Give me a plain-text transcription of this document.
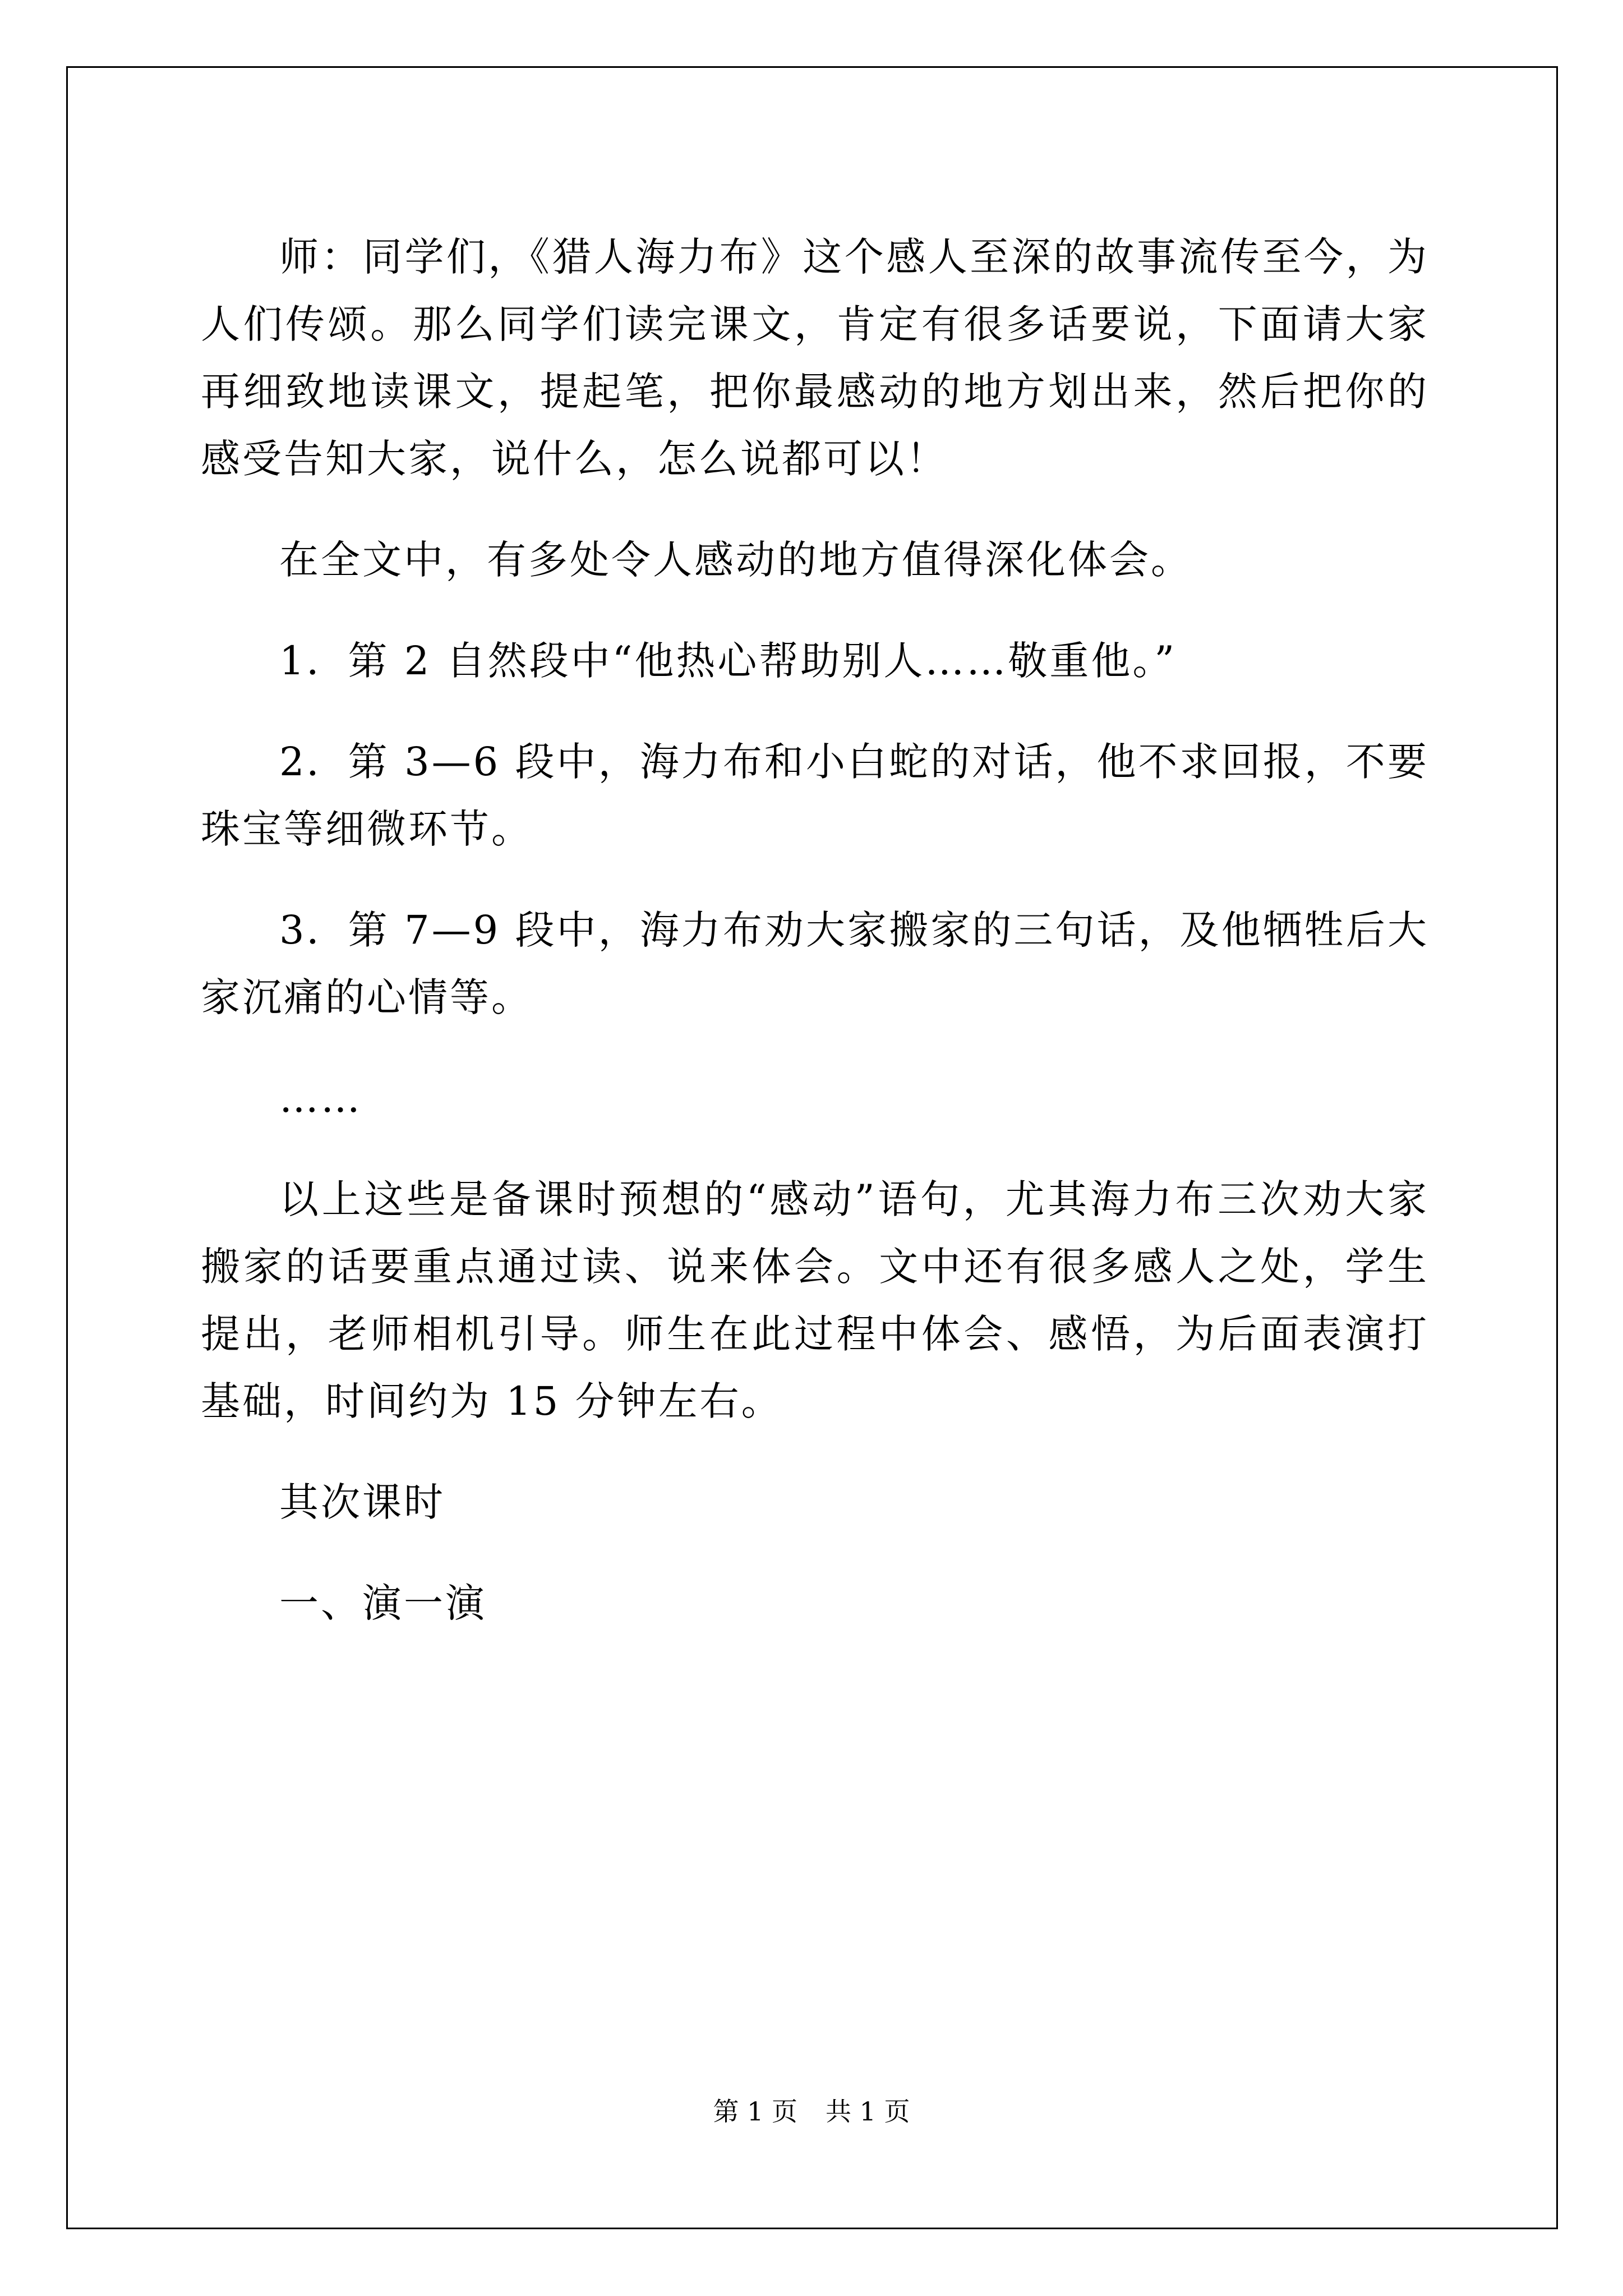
师：同学们，《猎人海力布》这个感人至深的故事流传至今，为人们传颂。那么同学们读完课文，肯定有很多话要说，下面请大家再细致地读课文，提起笔，把你最感动的地方划出来，然后把你的感受告知大家，说什么，怎么说都可以！

在全文中，有多处令人感动的地方值得深化体会。

1．第 2 自然段中“他热心帮助别人……敬重他。”

2．第 3—6 段中，海力布和小白蛇的对话，他不求回报，不要珠宝等细微环节。

3．第 7—9 段中，海力布劝大家搬家的三句话，及他牺牲后大家沉痛的心情等。

……

以上这些是备课时预想的“感动”语句，尤其海力布三次劝大家搬家的话要重点通过读、说来体会。文中还有很多感人之处，学生提出，老师相机引导。师生在此过程中体会、感悟，为后面表演打基础，时间约为 15 分钟左右。

其次课时

一、演一演

第 1 页 共 1 页
